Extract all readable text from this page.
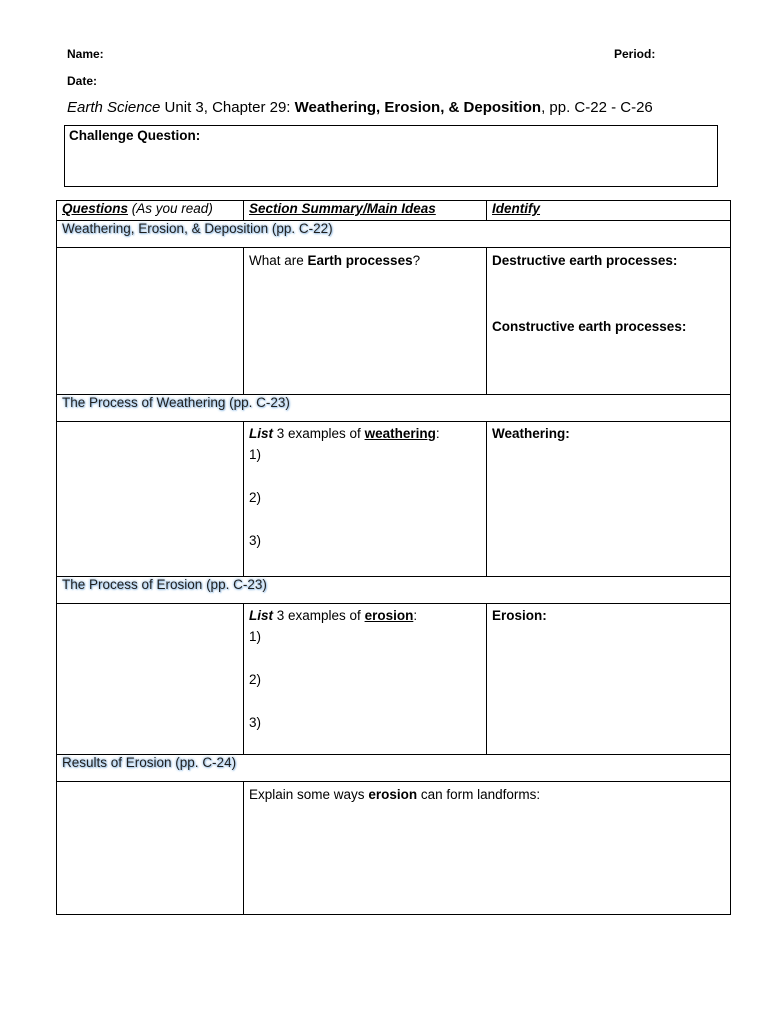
Name:	Period:
Date:
Earth Science Unit 3, Chapter 29: Weathering, Erosion, & Deposition, pp. C-22 - C-26
Challenge Question:
Questions (As you read)	Section Summary/Main Ideas	Identify
Weathering, Erosion, & Deposition (pp. C-22)		

	What are Earth processes?	Destructive earth processes:
Constructive earth processes:

The Process of Weathering (pp. C-23)		

	List 3 examples of weathering:
1)
2)
3)	Weathering:

The Process of Erosion (pp. C-23)		

	List 3 examples of erosion:
1)
2)
3)	Erosion:

Results of Erosion (pp. C-24)		

	Explain some ways erosion can form landforms:	
